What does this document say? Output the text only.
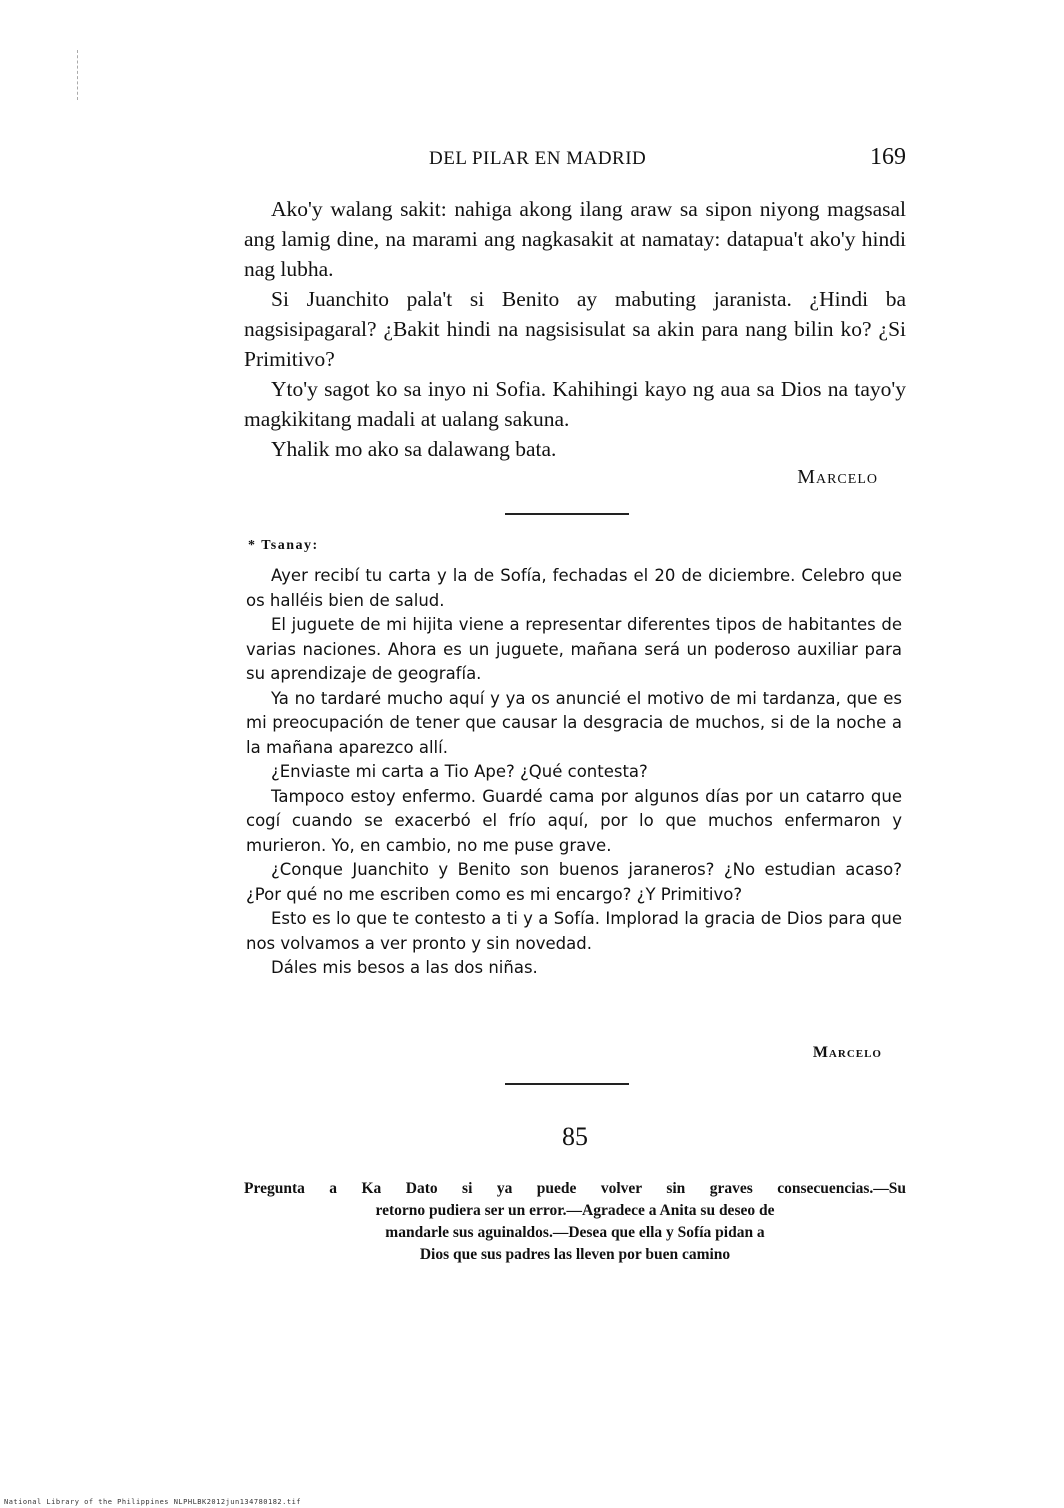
DEL PILAR EN MADRID	169

Ako'y walang sakit: nahiga akong ilang araw sa sipon niyong magsasal ang lamig dine, na marami ang nagkasakit at namatay: datapua't ako'y hindi nag lubha.

Si Juanchito pala't si Benito ay mabuting jaranista. ¿Hindi ba nagsisipagaral? ¿Bakit hindi na nagsisisulat sa akin para nang bilin ko? ¿Si Primitivo?

Yto'y sagot ko sa inyo ni Sofia. Kahihingi kayo ng aua sa Dios na tayo'y magkikitang madali at ualang sakuna.

Yhalik mo ako sa dalawang bata.

Marcelo
* Tsanay:

Ayer recibí tu carta y la de Sofía, fechadas el 20 de diciembre. Celebro que os halléis bien de salud.

El juguete de mi hijita viene a representar diferentes tipos de habitantes de varias naciones. Ahora es un juguete, mañana será un poderoso auxiliar para su aprendizaje de geografía.

Ya no tardaré mucho aquí y ya os anuncié el motivo de mi tardanza, que es mi preocupación de tener que causar la desgracia de muchos, si de la noche a la mañana aparezco allí.

¿Enviaste mi carta a Tio Ape? ¿Qué contesta?

Tampoco estoy enfermo. Guardé cama por algunos días por un catarro que cogí cuando se exacerbó el frío aquí, por lo que muchos enfermaron y murieron. Yo, en cambio, no me puse grave.

¿Conque Juanchito y Benito son buenos jaraneros? ¿No estudian acaso? ¿Por qué no me escriben como es mi encargo? ¿Y Primitivo?

Esto es lo que te contesto a ti y a Sofía. Implorad la gracia de Dios para que nos volvamos a ver pronto y sin novedad.

Dáles mis besos a las dos niñas.

Marcelo
85
Pregunta a Ka Dato si ya puede volver sin graves consecuencias.—Su
retorno pudiera ser un error.—Agradece a Anita su deseo de
mandarle sus aguinaldos.—Desea que ella y Sofía pidan a
Dios que sus padres las lleven por buen camino
National Library of the Philippines NLPHLBK2012jun134780182.tif
